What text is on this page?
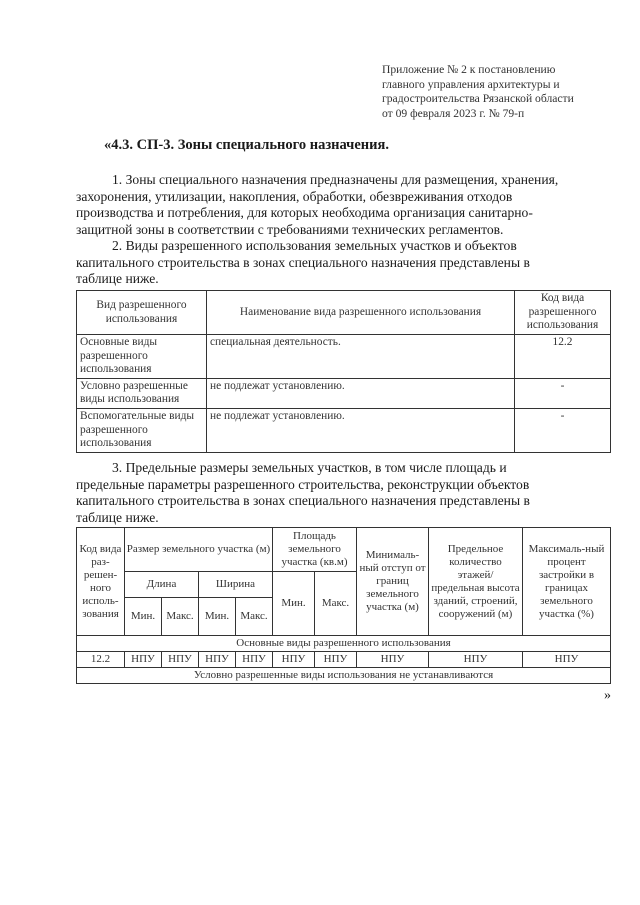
Приложение № 2 к постановлению
главного управления архитектуры и
градостроительства Рязанской области
от 09 февраля 2023 г. № 79-п
«4.3. СП-3. Зоны специального назначения.
1. Зоны специального назначения предназначены для размещения, хранения,
захоронения, утилизации, накопления, обработки, обезвреживания отходов
производства и потребления, для которых необходима организация санитарно-
защитной зоны в соответствии с требованиями технических регламентов.
2. Виды разрешенного использования земельных участков и объектов
капитального строительства в зонах специального назначения представлены в
таблице ниже.
Вид разрешенного использования	Наименование вида разрешенного использования	Код вида разрешенного использования
Основные виды разрешенного использования	специальная деятельность.	12.2
Условно разрешенные виды использования	не подлежат установлению.	-
Вспомогательные виды разрешенного использования	не подлежат установлению.	-
3. Предельные размеры земельных участков, в том числе площадь и
предельные параметры разрешенного строительства, реконструкции объектов
капитального строительства в зонах специального назначения представлены в
таблице ниже.
Код вида раз-решен-ного исполь-зования	Размер земельного участка (м)				Площадь земельного участка (кв.м)		Минималь-ный отступ от границ земельного участка (м)	Предельное количество этажей/ предельная высота зданий, строений, сооружений (м)	Максималь-ный процент застройки в границах земельного участка (%)
	Длина		Ширина		Мин.	Макс.			
	Мин.	Макс.	Мин.	Макс.					
Основные виды разрешенного использования									
12.2	НПУ	НПУ	НПУ	НПУ	НПУ	НПУ	НПУ	НПУ	НПУ
Условно разрешенные виды использования не устанавливаются									
»
